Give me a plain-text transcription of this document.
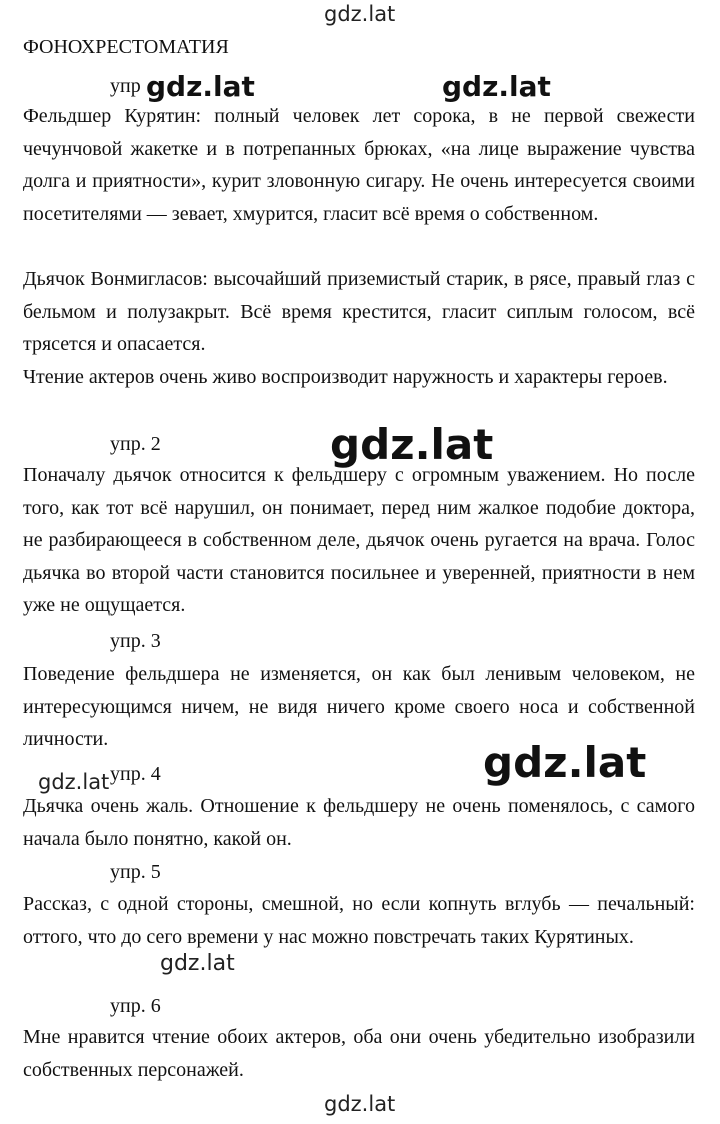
gdz.lat
ФОНОХРЕСТОМАТИЯ
упр gdz.lat	gdz.lat

Фельдшер Курятин: полный человек лет сорока, в не первой свежести чечунчовой жакетке и в потрепанных брюках, «на лице выражение чувства долга и приятности», курит зловонную сигару. Не очень интересуется своими посетителями — зевает, хмурится, гласит всё время о собственном.

Дьячок Вонмигласов: высочайший приземистый старик, в рясе, правый глаз с бельмом и полузакрыт. Всё время крестится, гласит сиплым голосом, всё трясется и опасается.

Чтение актеров очень живо воспроизводит наружность и характеры героев.

упр. 2	gdz.lat

Поначалу дьячок относится к фельдшеру с огромным уважением. Но после того, как тот всё нарушил, он понимает, перед ним жалкое подобие доктора, не разбирающееся в собственном деле, дьячок очень ругается на врача. Голос дьячка во второй части становится посильнее и уверенней, приятности в нем уже не ощущается.

упр. 3

Поведение фельдшера не изменяется, он как был ленивым человеком, не интересующимся ничем, не видя ничего кроме своего носа и собственной личности.

gdz.lat упр. 4	gdz.lat

Дьячка очень жаль. Отношение к фельдшеру не очень поменялось, с самого начала было понятно, какой он.

упр. 5

Рассказ, с одной стороны, смешной, но если копнуть вглубь — печальный: оттого, что до сего времени у нас можно повстречать таких Курятиных.

gdz.lat
упр. 6

Мне нравится чтение обоих актеров, оба они очень убедительно изобразили собственных персонажей.

gdz.lat
